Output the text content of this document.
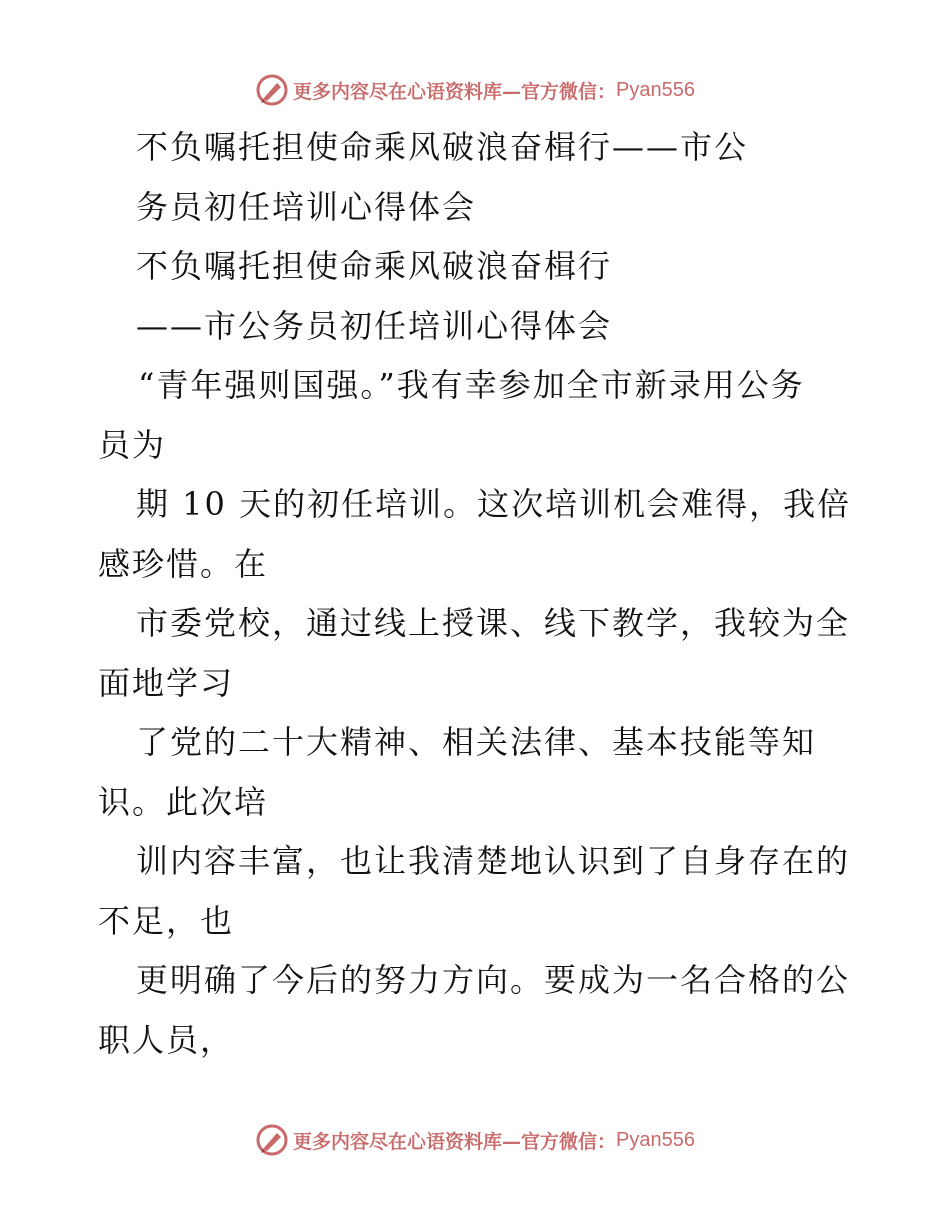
更多内容尽在心语资料库—官方微信： Pyan556
不负嘱托担使命乘风破浪奋楫行——市公
务员初任培训心得体会
不负嘱托担使命乘风破浪奋楫行
——市公务员初任培训心得体会
“青年强则国强。”我有幸参加全市新录用公务
员为
期 10 天的初任培训。这次培训机会难得，我倍
感珍惜。在
市委党校，通过线上授课、线下教学，我较为全
面地学习
了党的二十大精神、相关法律、基本技能等知
识。此次培
训内容丰富，也让我清楚地认识到了自身存在的
不足，也
更明确了今后的努力方向。要成为一名合格的公
职人员，
更多内容尽在心语资料库—官方微信： Pyan556
